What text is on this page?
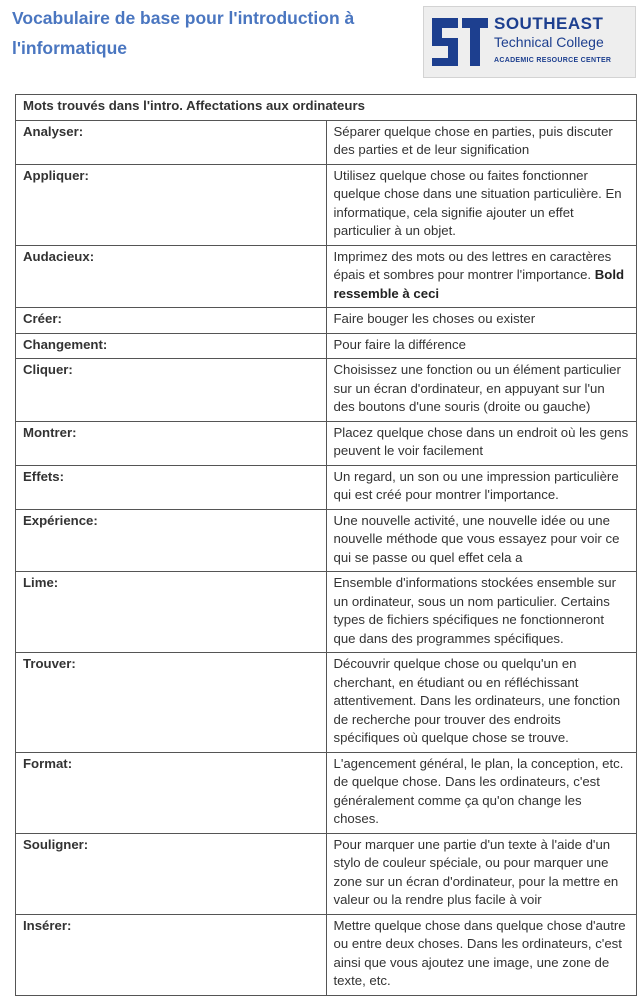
Vocabulaire de base pour l'introduction à l'informatique
SOUTHEAST
Technical College
ACADEMIC RESOURCE CENTER
Mots trouvés dans l'intro. Affectations aux ordinateurs	
Analyser:	Séparer quelque chose en parties, puis discuter des parties et de leur signification
Appliquer:	Utilisez quelque chose ou faites fonctionner quelque chose dans une situation particulière. En informatique, cela signifie ajouter un effet particulier à un objet.
Audacieux:	Imprimez des mots ou des lettres en caractères épais et sombres pour montrer l'importance. Bold ressemble à ceci
Créer:	Faire bouger les choses ou exister
Changement:	Pour faire la différence
Cliquer:	Choisissez une fonction ou un élément particulier sur un écran d'ordinateur, en appuyant sur l'un des boutons d'une souris (droite ou gauche)
Montrer:	Placez quelque chose dans un endroit où les gens peuvent le voir facilement
Effets:	Un regard, un son ou une impression particulière qui est créé pour montrer l'importance.
Expérience:	Une nouvelle activité, une nouvelle idée ou une nouvelle méthode que vous essayez pour voir ce qui se passe ou quel effet cela a
Lime:	Ensemble d'informations stockées ensemble sur un ordinateur, sous un nom particulier. Certains types de fichiers spécifiques ne fonctionneront que dans des programmes spécifiques.
Trouver:	Découvrir quelque chose ou quelqu'un en cherchant, en étudiant ou en réfléchissant attentivement. Dans les ordinateurs, une fonction de recherche pour trouver des endroits spécifiques où quelque chose se trouve.
Format:	L'agencement général, le plan, la conception, etc. de quelque chose. Dans les ordinateurs, c'est généralement comme ça qu'on change les choses.
Souligner:	Pour marquer une partie d'un texte à l'aide d'un stylo de couleur spéciale, ou pour marquer une zone sur un écran d'ordinateur, pour la mettre en valeur ou la rendre plus facile à voir
Insérer:	Mettre quelque chose dans quelque chose d'autre ou entre deux choses. Dans les ordinateurs, c'est ainsi que vous ajoutez une image, une zone de texte, etc.
